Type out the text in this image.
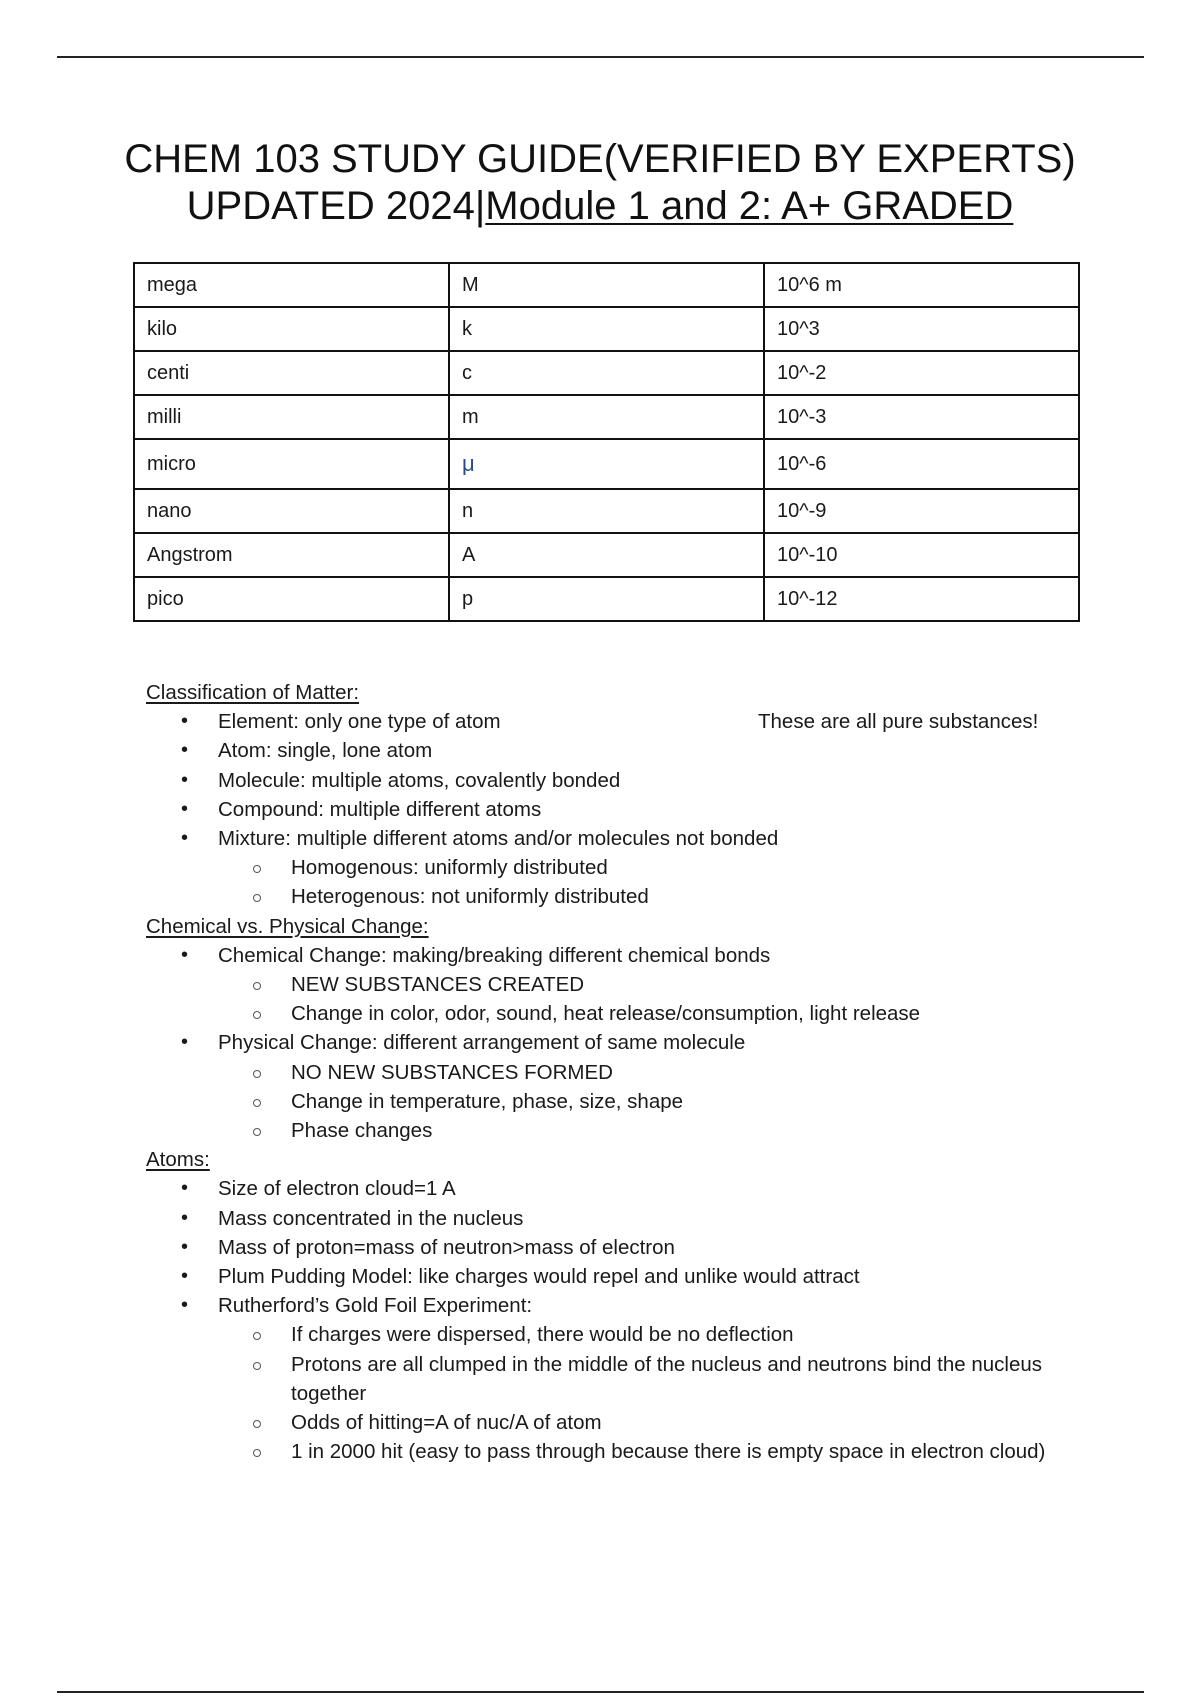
CHEM 103 STUDY GUIDE(VERIFIED BY EXPERTS)
UPDATED 2024|Module 1 and 2: A+ GRADED
mega	M	10^6 m
kilo	k	10^3
centi	c	10^-2
milli	m	10^-3
micro	μ	10^-6
nano	n	10^-9
Angstrom	A	10^-10
pico	p	10^-12
Classification of Matter:
• Element: only one type of atom	These are all pure substances!
• Atom: single, lone atom
• Molecule: multiple atoms, covalently bonded
• Compound: multiple different atoms
• Mixture: multiple different atoms and/or molecules not bonded
Homogenous: uniformly distributed
Heterogenous: not uniformly distributed
Chemical vs. Physical Change:
• Chemical Change: making/breaking different chemical bonds
NEW SUBSTANCES CREATED
Change in color, odor, sound, heat release/consumption, light release
• Physical Change: different arrangement of same molecule
NO NEW SUBSTANCES FORMED
Change in temperature, phase, size, shape
Phase changes
Atoms:
• Size of electron cloud=1 A
• Mass concentrated in the nucleus
• Mass of proton=mass of neutron>mass of electron
• Plum Pudding Model: like charges would repel and unlike would attract
• Rutherford’s Gold Foil Experiment:
If charges were dispersed, there would be no deflection
Protons are all clumped in the middle of the nucleus and neutrons bind the nucleus together
Odds of hitting=A of nuc/A of atom
1 in 2000 hit (easy to pass through because there is empty space in electron cloud)
